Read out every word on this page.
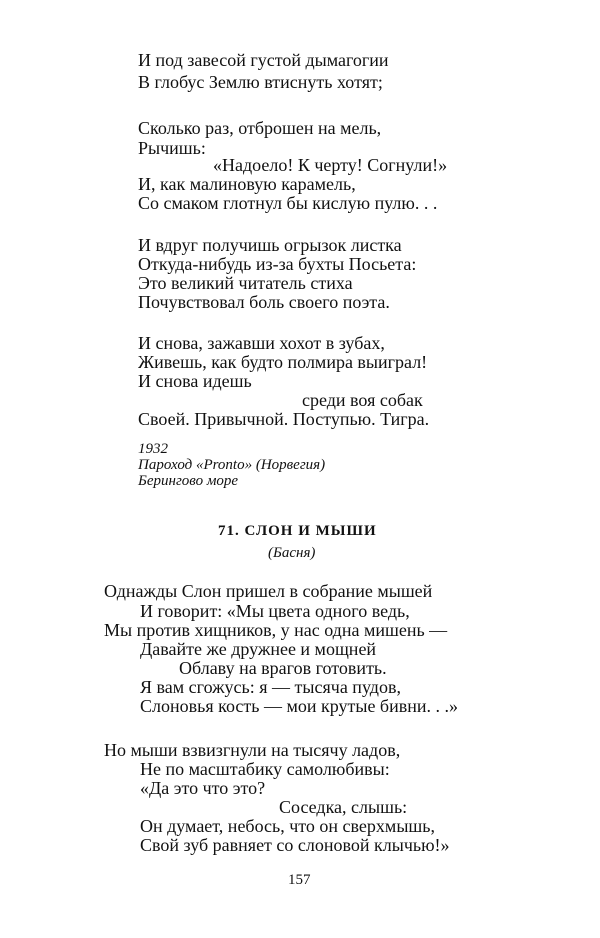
И под завесой густой дымагогии
В глобус Землю втиснуть хотят;
Сколько раз, отброшен на мель,
Рычишь:
«Надоело! К черту! Согнули!»
И, как малиновую карамель,
Со смаком глотнул бы кислую пулю. . .
И вдруг получишь огрызок листка
Откуда-нибудь из-за бухты Посьета:
Это великий читатель стиха
Почувствовал боль своего поэта.
И снова, зажавши хохот в зубах,
Живешь, как будто полмира выиграл!
И снова идешь
среди воя собак
Своей. Привычной. Поступью. Тигра.
1932
Пароход «Pronto» (Норвегия)
Берингово море
71. СЛОН И МЫШИ
(Басня)
Однажды Слон пришел в собрание мышей
И говорит: «Мы цвета одного ведь,
Мы против хищников, у нас одна мишень —
Давайте же дружнее и мощней
Облаву на врагов готовить.
Я вам сгожусь: я — тысяча пудов,
Слоновья кость — мои крутые бивни. . .»
Но мыши взвизгнули на тысячу ладов,
Не по масштабику самолюбивы:
«Да это что это?
Соседка, слышь:
Он думает, небось, что он сверхмышь,
Свой зуб равняет со слоновой клычью!»
157
